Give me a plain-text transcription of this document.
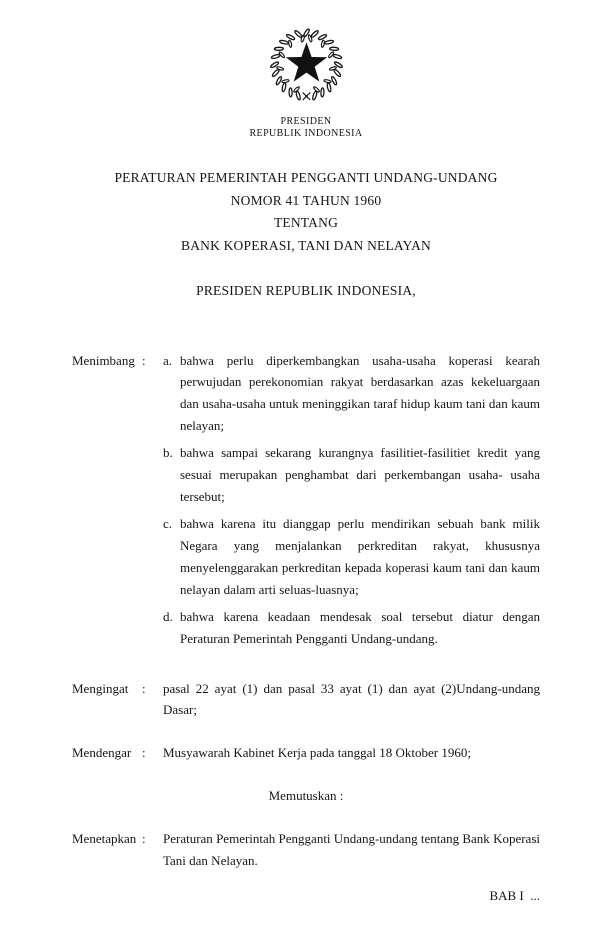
PRESIDEN
REPUBLIK INDONESIA
PERATURAN PEMERINTAH PENGGANTI UNDANG-UNDANG
NOMOR 41 TAHUN 1960
TENTANG
BANK KOPERASI, TANI DAN NELAYAN
PRESIDEN REPUBLIK INDONESIA,
Menimbang :	a. bahwa perlu diperkembangkan usaha-usaha koperasi kearah perwujudan perekonomian rakyat berdasarkan azas kekeluargaan dan usaha-usaha untuk meninggikan taraf hidup kaum tani dan kaum nelayan;
b. bahwa sampai sekarang kurangnya fasilitiet-fasilitiet kredit yang sesuai merupakan penghambat dari perkembangan usaha- usaha tersebut;
c. bahwa karena itu dianggap perlu mendirikan sebuah bank milik Negara yang menjalankan perkreditan rakyat, khususnya menyelenggarakan perkreditan kepada koperasi kaum tani dan kaum nelayan dalam arti seluas-luasnya;
d. bahwa karena keadaan mendesak soal tersebut diatur dengan Peraturan Pemerintah Pengganti Undang-undang.
Mengingat	:	pasal 22 ayat (1) dan pasal 33 ayat (1) dan ayat (2)Undang-undang Dasar;
Mendengar :	Musyawarah Kabinet Kerja pada tanggal 18 Oktober 1960;
Memutuskan :
Menetapkan :	Peraturan Pemerintah Pengganti Undang-undang tentang Bank Koperasi Tani dan Nelayan.
BAB I  ...
